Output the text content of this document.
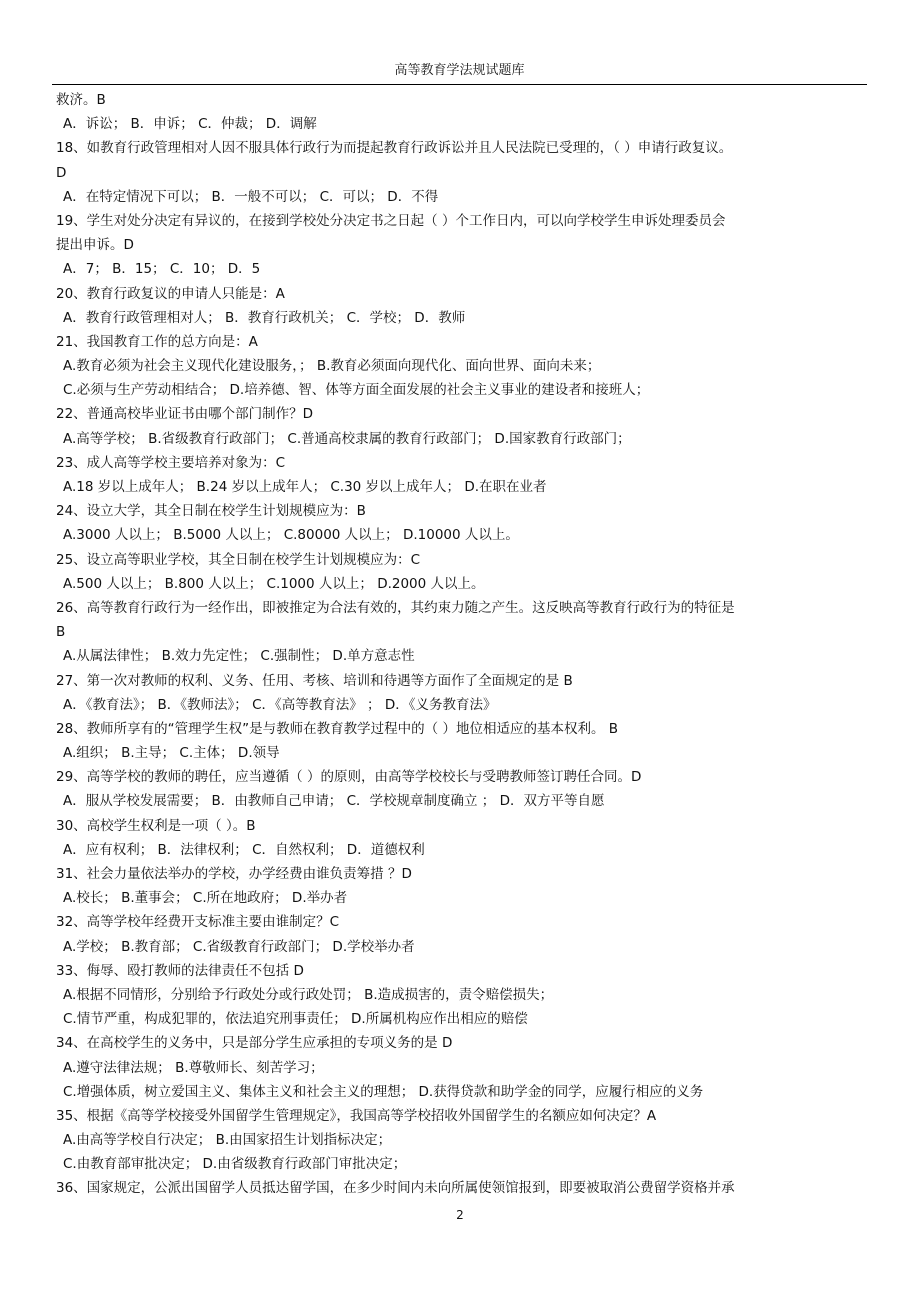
高等教育学法规试题库
救济。B
A．诉讼； B．申诉； C．仲裁； D．调解
18、如教育行政管理相对人因不服具体行政行为而提起教育行政诉讼并且人民法院已受理的，（ ）申请行政复议。
D
A．在特定情况下可以； B．一般不可以； C．可以； D．不得
19、学生对处分决定有异议的，在接到学校处分决定书之日起（ ）个工作日内，可以向学校学生申诉处理委员会
提出申诉。D
A．7； B．15； C．10； D．5
20、教育行政复议的申请人只能是：A
A．教育行政管理相对人； B．教育行政机关； C．学校； D．教师
21、我国教育工作的总方向是：A
A.教育必须为社会主义现代化建设服务，； B.教育必须面向现代化、面向世界、面向未来；
C.必须与生产劳动相结合； D.培养德、智、体等方面全面发展的社会主义事业的建设者和接班人；
22、普通高校毕业证书由哪个部门制作？D
A.高等学校； B.省级教育行政部门； C.普通高校隶属的教育行政部门； D.国家教育行政部门；
23、成人高等学校主要培养对象为：C
A.18 岁以上成年人； B.24 岁以上成年人； C.30 岁以上成年人； D.在职在业者
24、设立大学，其全日制在校学生计划规模应为：B
A.3000 人以上； B.5000 人以上； C.80000 人以上； D.10000 人以上。
25、设立高等职业学校，其全日制在校学生计划规模应为：C
A.500 人以上； B.800 人以上； C.1000 人以上； D.2000 人以上。
26、高等教育行政行为一经作出，即被推定为合法有效的，其约束力随之产生。这反映高等教育行政行为的特征是
B
A.从属法律性； B.效力先定性； C.强制性； D.单方意志性
27、第一次对教师的权利、义务、任用、考核、培训和待遇等方面作了全面规定的是 B
A．《教育法》； B．《教师法》； C．《高等教育法》 ； D．《义务教育法》
28、教师所享有的“管理学生权”是与教师在教育教学过程中的（ ）地位相适应的基本权利。 B
A.组织； B.主导； C.主体； D.领导
29、高等学校的教师的聘任，应当遵循（ ）的原则，由高等学校校长与受聘教师签订聘任合同。D
A．服从学校发展需要； B．由教师自己申请； C．学校规章制度确立 ； D．双方平等自愿
30、高校学生权利是一项（ ）。B
A．应有权利； B．法律权利； C．自然权利； D．道德权利
31、社会力量依法举办的学校，办学经费由谁负责筹措 ？D
A.校长； B.董事会； C.所在地政府； D.举办者
32、高等学校年经费开支标准主要由谁制定？C
A.学校； B.教育部； C.省级教育行政部门； D.学校举办者
33、侮辱、殴打教师的法律责任不包括 D
A.根据不同情形，分别给予行政处分或行政处罚； B.造成损害的，责令赔偿损失；
C.情节严重，构成犯罪的，依法追究刑事责任； D.所属机构应作出相应的赔偿
34、在高校学生的义务中，只是部分学生应承担的专项义务的是 D
A.遵守法律法规； B.尊敬师长、刻苦学习；
C.增强体质，树立爱国主义、集体主义和社会主义的理想； D.获得贷款和助学金的同学，应履行相应的义务
35、根据《高等学校接受外国留学生管理规定》，我国高等学校招收外国留学生的名额应如何决定？A
A.由高等学校自行决定； B.由国家招生计划指标决定；
C.由教育部审批决定； D.由省级教育行政部门审批决定；
36、国家规定，公派出国留学人员抵达留学国，在多少时间内未向所属使领馆报到，即要被取消公费留学资格并承
2
